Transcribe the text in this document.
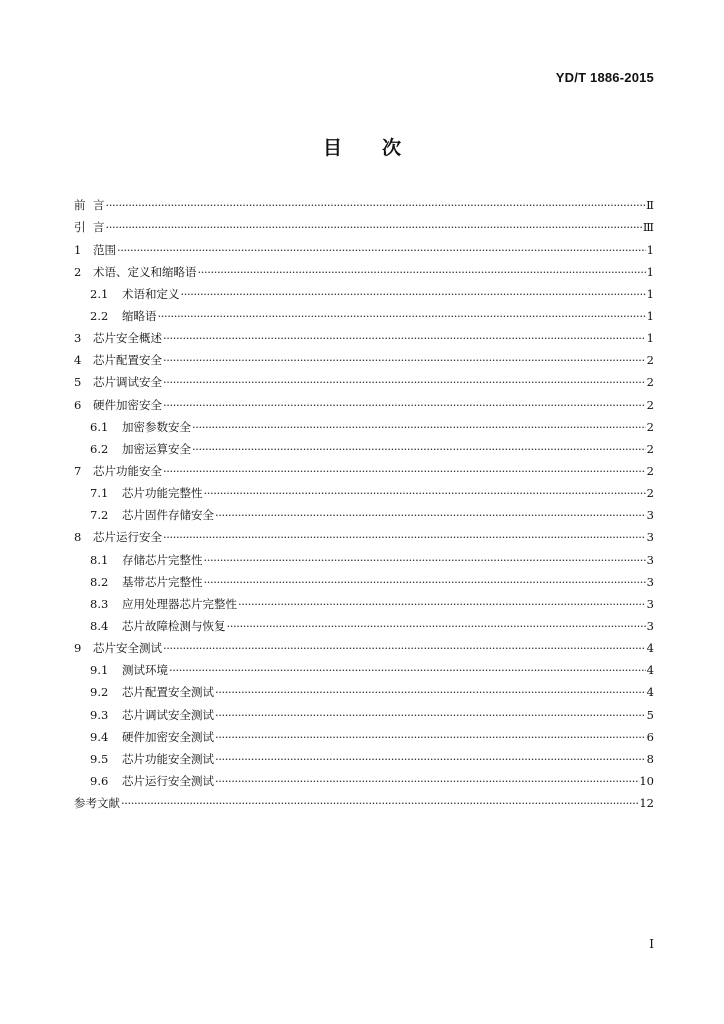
YD/T 1886-2015
目 次
前 言 ·····	Ⅱ
引 言 ·····	Ⅲ
1	范围 ·····	1
2	术语、定义和缩略语 ·····	1
2.1	术语和定义 ·····	1
2.2	缩略语 ·····	1
3	芯片安全概述 ·····	1
4	芯片配置安全 ·····	2
5	芯片调试安全 ·····	2
6	硬件加密安全 ·····	2
6.1	加密参数安全 ·····	2
6.2	加密运算安全 ·····	2
7	芯片功能安全 ·····	2
7.1	芯片功能完整性 ·····	2
7.2	芯片固件存储安全 ·····	3
8	芯片运行安全 ·····	3
8.1	存储芯片完整性 ·····	3
8.2	基带芯片完整性 ·····	3
8.3	应用处理器芯片完整性 ·····	3
8.4	芯片故障检测与恢复 ·····	3
9	芯片安全测试 ·····	4
9.1	测试环境 ·····	4
9.2	芯片配置安全测试 ·····	4
9.3	芯片调试安全测试 ·····	5
9.4	硬件加密安全测试 ·····	6
9.5	芯片功能安全测试 ·····	8
9.6	芯片运行安全测试 ·····	10
参考文献 ·····	12
I
